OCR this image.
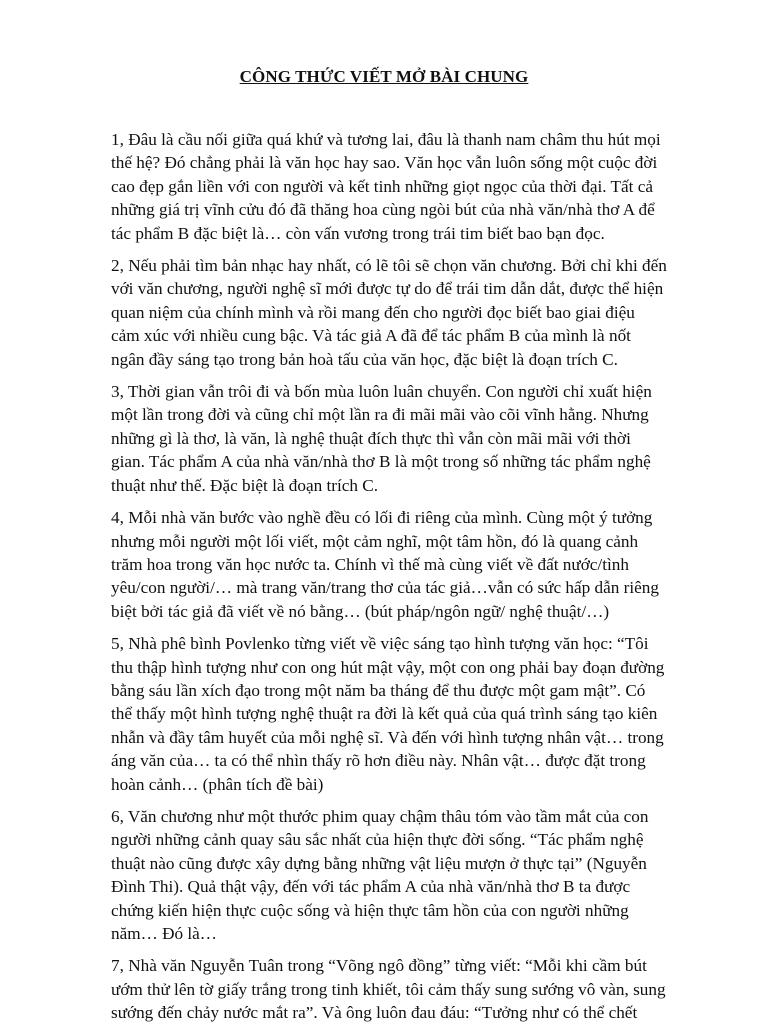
CÔNG THỨC VIẾT MỞ BÀI CHUNG

1, Đâu là cầu nối giữa quá khứ và tương lai, đâu là thanh nam châm thu hút mọi
thế hệ? Đó chẳng phải là văn học hay sao. Văn học vẫn luôn sống một cuộc đời
cao đẹp gắn liền với con người và kết tinh những giọt ngọc của thời đại. Tất cả
những giá trị vĩnh cửu đó đã thăng hoa cùng ngòi bút của nhà văn/nhà thơ A để
tác phẩm B đặc biệt là… còn vấn vương trong trái tim biết bao bạn đọc.

2, Nếu phải tìm bản nhạc hay nhất, có lẽ tôi sẽ chọn văn chương. Bởi chỉ khi đến
với văn chương, người nghệ sĩ mới được tự do để trái tim dẫn dắt, được thể hiện
quan niệm của chính mình và rồi mang đến cho người đọc biết bao giai điệu
cảm xúc với nhiều cung bậc. Và tác giả A đã để tác phẩm B của mình là nốt
ngân đầy sáng tạo trong bản hoà tấu của văn học, đặc biệt là đoạn trích C.

3, Thời gian vẫn trôi đi và bốn mùa luôn luân chuyển. Con người chỉ xuất hiện
một lần trong đời và cũng chỉ một lần ra đi mãi mãi vào cõi vĩnh hằng. Nhưng
những gì là thơ, là văn, là nghệ thuật đích thực thì vẫn còn mãi mãi với thời
gian. Tác phẩm A của nhà văn/nhà thơ B là một trong số những tác phẩm nghệ
thuật như thế. Đặc biệt là đoạn trích C.

4, Mỗi nhà văn bước vào nghề đều có lối đi riêng của mình. Cùng một ý tưởng
nhưng mỗi người một lối viết, một cảm nghĩ, một tâm hồn, đó là quang cảnh
trăm hoa trong văn học nước ta. Chính vì thế mà cùng viết về đất nước/tình
yêu/con người/… mà trang văn/trang thơ của tác giả…vẫn có sức hấp dẫn riêng
biệt bởi tác giả đã viết về nó bằng… (bút pháp/ngôn ngữ/ nghệ thuật/…)

5, Nhà phê bình Povlenko từng viết về việc sáng tạo hình tượng văn học: “Tôi
thu thập hình tượng như con ong hút mật vậy, một con ong phải bay đoạn đường
bằng sáu lần xích đạo trong một năm ba tháng để thu được một gam mật”. Có
thể thấy một hình tượng nghệ thuật ra đời là kết quả của quá trình sáng tạo kiên
nhẫn và đầy tâm huyết của mỗi nghệ sĩ. Và đến với hình tượng nhân vật… trong
áng văn của… ta có thể nhìn thấy rõ hơn điều này. Nhân vật… được đặt trong
hoàn cảnh… (phân tích đề bài)

6, Văn chương như một thước phim quay chậm thâu tóm vào tầm mắt của con
người những cảnh quay sâu sắc nhất của hiện thực đời sống. “Tác phẩm nghệ
thuật nào cũng được xây dựng bằng những vật liệu mượn ở thực tại” (Nguyễn
Đình Thi). Quả thật vậy, đến với tác phẩm A của nhà văn/nhà thơ B ta được
chứng kiến hiện thực cuộc sống và hiện thực tâm hồn của con người những
năm… Đó là…

7, Nhà văn Nguyễn Tuân trong “Võng ngô đồng” từng viết: “Mỗi khi cầm bút
ướm thử lên tờ giấy trắng trong tinh khiết, tôi cảm thấy sung sướng vô vàn, sung
sướng đến chảy nước mắt ra”. Và ông luôn đau đáu: “Tưởng như có thể chết
